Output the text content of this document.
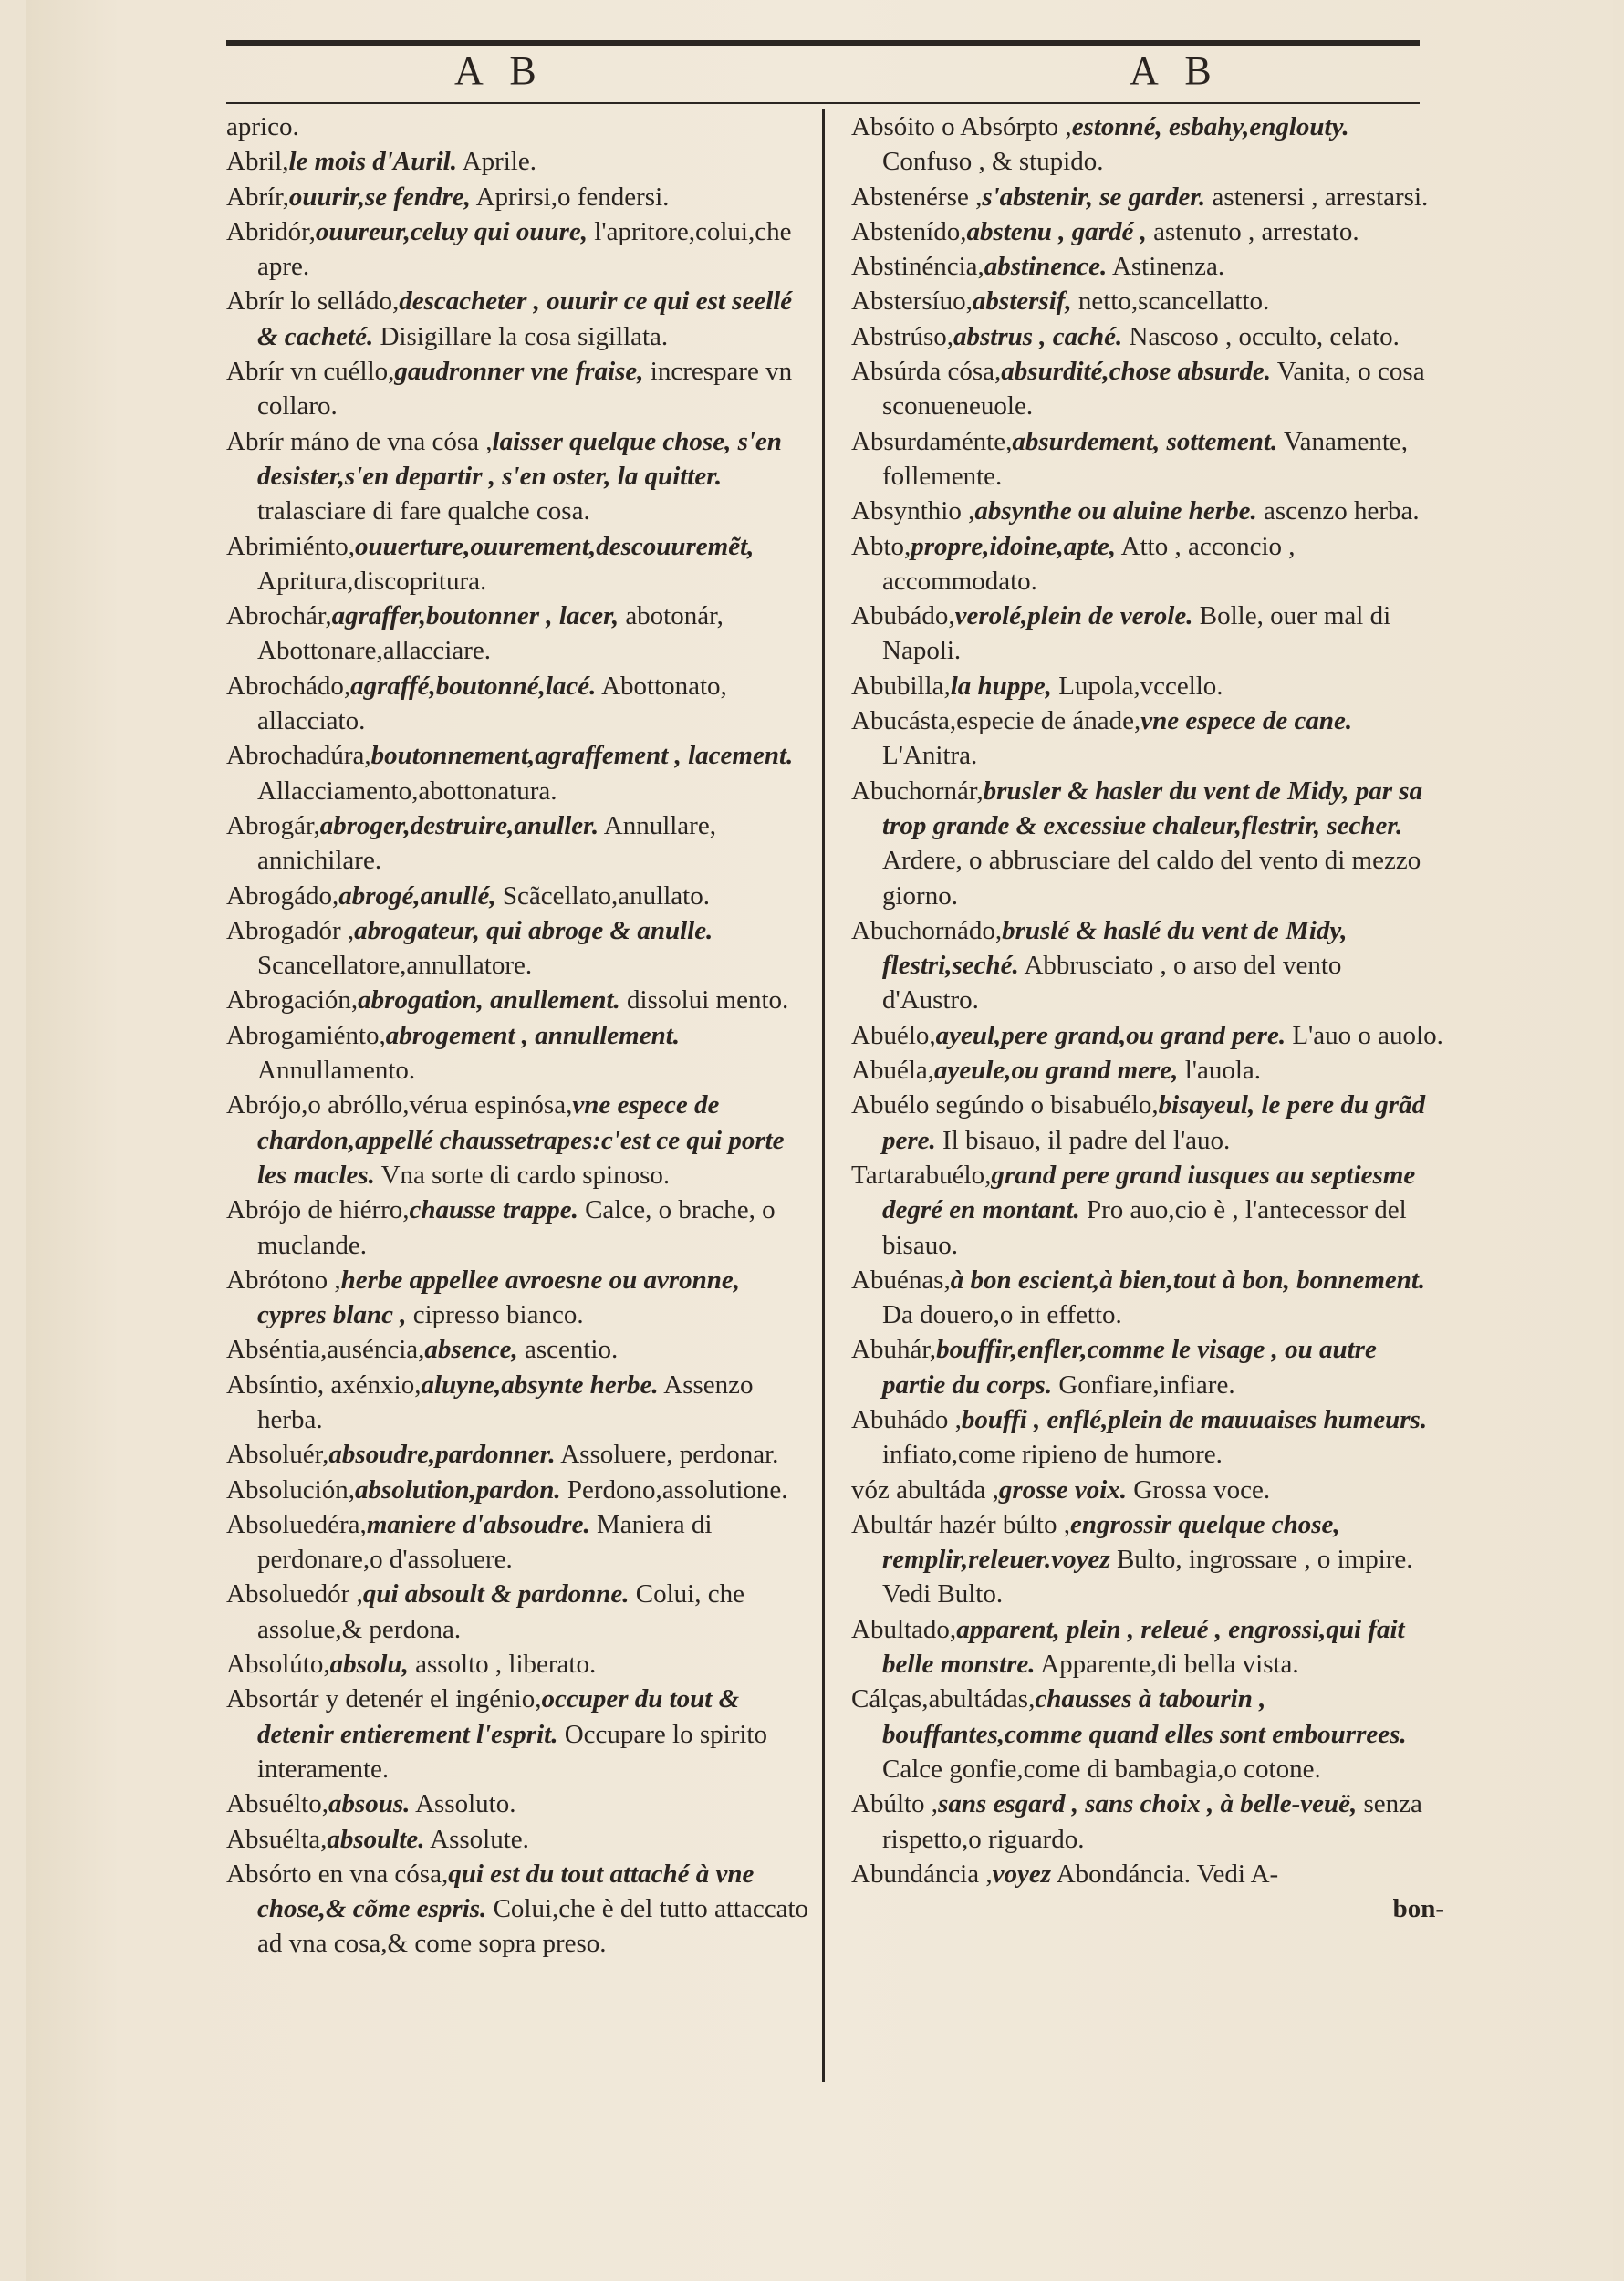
A B	A B

aprico.

Abril,le mois d'Auril. Aprile.

Abrír,ouurir,se fendre, Aprirsi,o fendersi.

Abridór,ouureur,celuy qui ouure, l'apritore,colui,che apre.

Abrír lo selládo,descacheter , ouurir ce qui est seellé & cacheté. Disigillare la cosa sigillata.

Abrír vn cuéllo,gaudronner vne fraise, increspare vn collaro.

Abrír máno de vna cósa ,laisser quelque chose, s'en desister,s'en departir , s'en oster, la quitter. tralasciare di fare qualche cosa.

Abrimiénto,ouuerture,ouurement,descouuremẽt, Apritura,discopritura.

Abrochár,agraffer,boutonner , lacer, abotonár, Abottonare,allacciare.

Abrochádo,agraffé,boutonné,lacé. Abottonato, allacciato.

Abrochadúra,boutonnement,agraffement , lacement. Allacciamento,abottonatura.

Abrogár,abroger,destruire,anuller. Annullare, annichilare.

Abrogádo,abrogé,anullé, Scãcellato,anullato.

Abrogadór ,abrogateur, qui abroge & anulle. Scancellatore,annullatore.

Abrogación,abrogation, anullement. dissolui mento.

Abrogamiénto,abrogement , annullement. Annullamento.

Abrójo,o abróllo,vérua espinósa,vne espece de chardon,appellé chaussetrapes:c'est ce qui porte les macles. Vna sorte di cardo spinoso.

Abrójo de hiérro,chausse trappe. Calce, o brache, o muclande.

Abrótono ,herbe appellee avroesne ou avronne, cypres blanc , cipresso bianco.

Abséntia,auséncia,absence, ascentio.

Absíntio, axénxio,aluyne,absynte herbe. Assenzo herba.

Absoluér,absoudre,pardonner. Assoluere, perdonar.

Absolución,absolution,pardon. Perdono,assolutione.

Absoluedéra,maniere d'absoudre. Maniera di perdonare,o d'assoluere.

Absoluedór ,qui absoult & pardonne. Colui, che assolue,& perdona.

Absolúto,absolu, assolto , liberato.

Absortár y detenér el ingénio,occuper du tout & detenir entierement l'esprit. Occupare lo spirito interamente.

Absuélto,absous. Assoluto.

Absuélta,absoulte. Assolute.

Absórto en vna cósa,qui est du tout attaché à vne chose,& cõme espris. Colui,che è del tutto attaccato ad vna cosa,& come sopra preso.

Absóito o Absórpto ,estonné, esbahy,englouty. Confuso , & stupido.

Abstenérse ,s'abstenir, se garder. astenersi , arrestarsi.

Abstenído,abstenu , gardé , astenuto , arrestato.

Abstinéncia,abstinence. Astinenza.

Abstersíuo,abstersif, netto,scancellatto.

Abstrúso,abstrus , caché. Nascoso , occulto, celato.

Absúrda cósa,absurdité,chose absurde. Vanita, o cosa sconueneuole.

Absurdaménte,absurdement, sottement. Vanamente, follemente.

Absynthio ,absynthe ou aluine herbe. ascenzo herba.

Abto,propre,idoine,apte, Atto , acconcio , accommodato.

Abubádo,verolé,plein de verole. Bolle, ouer mal di Napoli.

Abubilla,la huppe, Lupola,vccello.

Abucásta,especie de ánade,vne espece de cane. L'Anitra.

Abuchornár,brusler & hasler du vent de Midy, par sa trop grande & excessiue chaleur,flestrir, secher. Ardere, o abbrusciare del caldo del vento di mezzo giorno.

Abuchornádo,bruslé & haslé du vent de Midy, flestri,seché. Abbrusciato , o arso del vento d'Austro.

Abuélo,ayeul,pere grand,ou grand pere. L'auo o auolo.

Abuéla,ayeule,ou grand mere, l'auola.

Abuélo segúndo o bisabuélo,bisayeul, le pere du grãd pere. Il bisauo, il padre del l'auo.

Tartarabuélo,grand pere grand iusques au septiesme degré en montant. Pro auo,cio è , l'antecessor del bisauo.

Abuénas,à bon escient,à bien,tout à bon, bonnement. Da douero,o in effetto.

Abuhár,bouffir,enfler,comme le visage , ou autre partie du corps. Gonfiare,infiare.

Abuhádo ,bouffi , enflé,plein de mauuaises humeurs. infiato,come ripieno de humore.

vóz abultáda ,grosse voix. Grossa voce.

Abultár hazér búlto ,engrossir quelque chose, remplir,releuer.voyez Bulto, ingrossare , o impire. Vedi Bulto.

Abultado,apparent, plein , releué , engrossi,qui fait belle monstre. Apparente,di bella vista.

Cálças,abultádas,chausses à tabourin , bouffantes,comme quand elles sont embourrees. Calce gonfie,come di bambagia,o cotone.

Abúlto ,sans esgard , sans choix , à belle-veuë, senza rispetto,o riguardo.

Abundáncia ,voyez Abondáncia. Vedi A-

bon-
